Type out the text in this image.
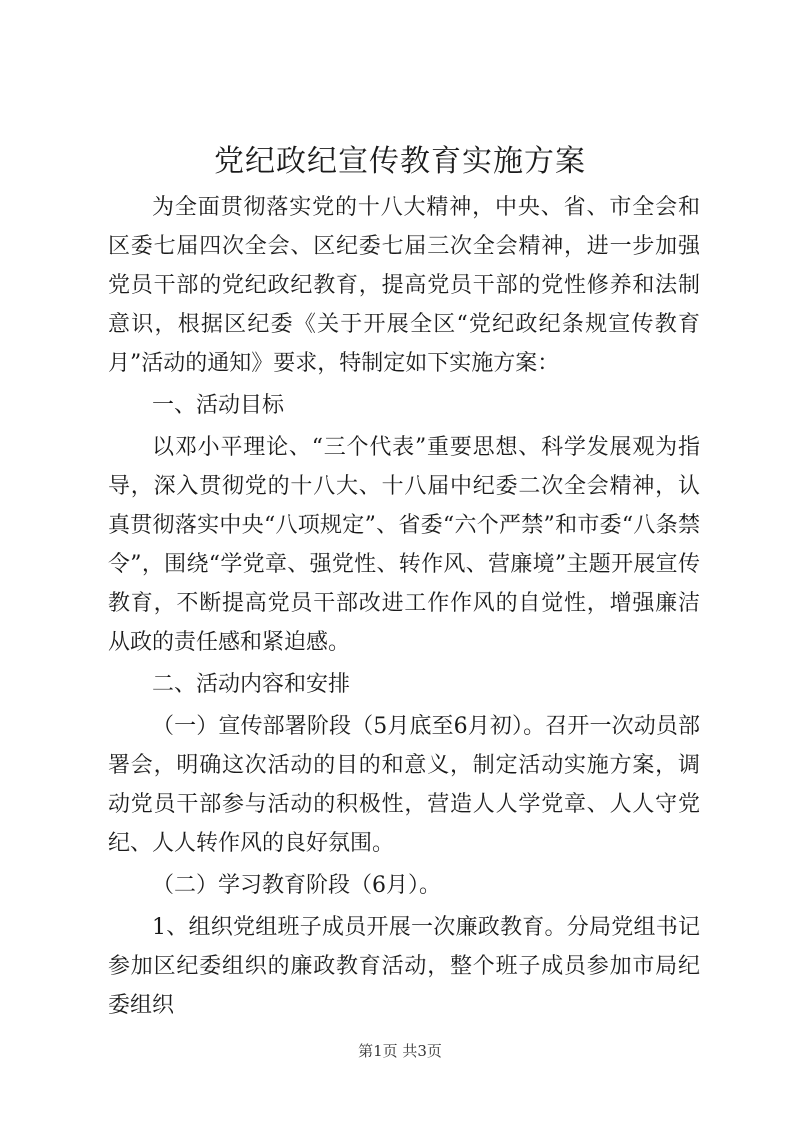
党纪政纪宣传教育实施方案

为全面贯彻落实党的十八大精神，中央、省、市全会和区委七届四次全会、区纪委七届三次全会精神，进一步加强党员干部的党纪政纪教育，提高党员干部的党性修养和法制意识，根据区纪委《关于开展全区“党纪政纪条规宣传教育月”活动的通知》要求，特制定如下实施方案：

一、活动目标

以邓小平理论、“三个代表”重要思想、科学发展观为指导，深入贯彻党的十八大、十八届中纪委二次全会精神，认真贯彻落实中央“八项规定”、省委“六个严禁”和市委“八条禁令”，围绕“学党章、强党性、转作风、营廉境”主题开展宣传教育，不断提高党员干部改进工作作风的自觉性，增强廉洁从政的责任感和紧迫感。

二、活动内容和安排

（一）宣传部署阶段（5月底至6月初）。召开一次动员部署会，明确这次活动的目的和意义，制定活动实施方案，调动党员干部参与活动的积极性，营造人人学党章、人人守党纪、人人转作风的良好氛围。

（二）学习教育阶段（6月）。

1、组织党组班子成员开展一次廉政教育。分局党组书记参加区纪委组织的廉政教育活动，整个班子成员参加市局纪委组织

第1页 共3页
